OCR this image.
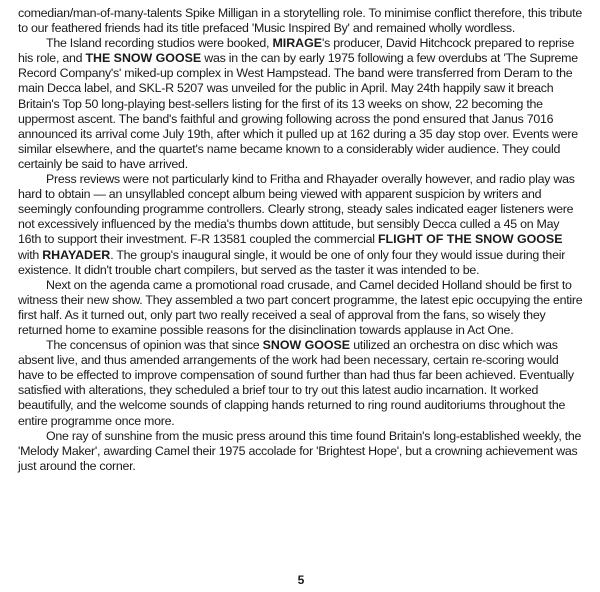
comedian/man-of-many-talents Spike Milligan in a storytelling role. To minimise conflict therefore, this tribute to our feathered friends had its title prefaced 'Music Inspired By' and remained wholly wordless.

The Island recording studios were booked, MIRAGE's producer, David Hitchcock prepared to reprise his role, and THE SNOW GOOSE was in the can by early 1975 following a few overdubs at 'The Supreme Record Company's' miked-up complex in West Hampstead. The band were transferred from Deram to the main Decca label, and SKL-R 5207 was unveiled for the public in April. May 24th happily saw it breach Britain's Top 50 long-playing best-sellers listing for the first of its 13 weeks on show, 22 becoming the uppermost ascent. The band's faithful and growing following across the pond ensured that Janus 7016 announced its arrival come July 19th, after which it pulled up at 162 during a 35 day stop over. Events were similar elsewhere, and the quartet's name became known to a considerably wider audience. They could certainly be said to have arrived.

Press reviews were not particularly kind to Fritha and Rhayader overally however, and radio play was hard to obtain — an unsyllabled concept album being viewed with apparent suspicion by writers and seemingly confounding programme controllers. Clearly strong, steady sales indicated eager listeners were not excessively influenced by the media's thumbs down attitude, but sensibly Decca culled a 45 on May 16th to support their investment. F-R 13581 coupled the commercial FLIGHT OF THE SNOW GOOSE with RHAYADER. The group's inaugural single, it would be one of only four they would issue during their existence. It didn't trouble chart compilers, but served as the taster it was intended to be.

Next on the agenda came a promotional road crusade, and Camel decided Holland should be first to witness their new show. They assembled a two part concert programme, the latest epic occupying the entire first half. As it turned out, only part two really received a seal of approval from the fans, so wisely they returned home to examine possible reasons for the disinclination towards applause in Act One.

The concensus of opinion was that since SNOW GOOSE utilized an orchestra on disc which was absent live, and thus amended arrangements of the work had been necessary, certain re-scoring would have to be effected to improve compensation of sound further than had thus far been achieved. Eventually satisfied with alterations, they scheduled a brief tour to try out this latest audio incarnation. It worked beautifully, and the welcome sounds of clapping hands returned to ring round auditoriums throughout the entire programme once more.

One ray of sunshine from the music press around this time found Britain's long-established weekly, the 'Melody Maker', awarding Camel their 1975 accolade for 'Brightest Hope', but a crowning achievement was just around the corner.

5
